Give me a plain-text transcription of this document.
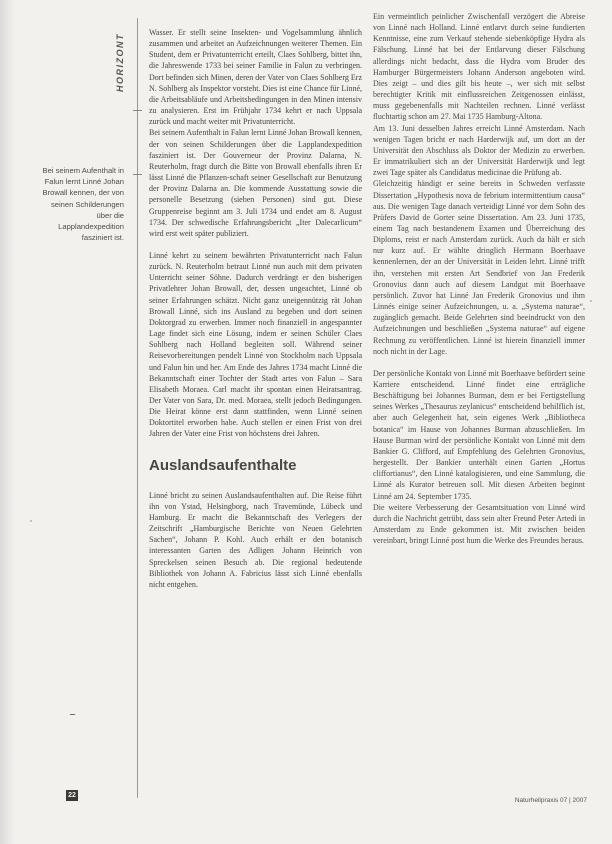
HORIZONT
Bei seinem Aufenthalt in Falun lernt Linné Johan Browall kennen, der von seinen Schilderungen über die Lapplandexpedition fasziniert ist.

Wasser. Er stellt seine Insekten- und Vogelsammlung ähnlich zusammen und arbeitet an Aufzeichnungen weiterer Themen. Ein Student, dem er Privatunterricht erteilt, Claes Sohlberg, bittet ihn, die Jahreswende 1733 bei seiner Familie in Falun zu verbringen. Dort befinden sich Minen, deren der Vater von Claes Sohlberg Erz N. Sohlberg als Inspektor vorsteht. Dies ist eine Chance für Linné, die Arbeitsabläufe und Arbeitsbedingungen in den Minen intensiv zu analysieren. Erst im Frühjahr 1734 kehrt er nach Uppsala zurück und macht weiter mit Privatunterricht.

Bei seinem Aufenthalt in Falun lernt Linné Johan Browall kennen, der von seinen Schilderungen über die Lapplandexpedition fasziniert ist. Der Gouverneur der Provinz Dalarna, N. Reuterholm, fragt durch die Bitte von Browall ebenfalls ihren Er lässt Linné die Pflanzen-schaft seiner Gesellschaft zur Benutzung der Provinz Dalarna an. Die kommende Ausstattung sowie die personelle Besetzung (sieben Personen) sind gut. Diese Gruppenreise beginnt am 3. Juli 1734 und endet am 8. August 1734. Der schwedische Erfahrungsbericht „Iter Dalecarlicum“ wird erst weit später publiziert.

Linné kehrt zu seinem bewährten Privatunterricht nach Falun zurück. N. Reuterholm betraut Linné nun auch mit dem privaten Unterricht seiner Söhne. Dadurch verdrängt er den bisherigen Privatlehrer Johan Browall, der, dessen ungeachtet, Linné ob seiner Erfahrungen schätzt. Nicht ganz uneigennützig rät Johan Browall Linné, sich ins Ausland zu begeben und dort seinen Doktorgrad zu erwerben. Immer noch finanziell in angespannter Lage findet sich eine Lösung, indem er seinen Schüler Claes Sohlberg nach Holland begleiten soll. Während seiner Reisevorbereitungen pendelt Linné von Stockholm nach Uppsala und Falun hin und her. Am Ende des Jahres 1734 macht Linné die Bekanntschaft einer Tochter der Stadt artes von Falun – Sara Elisabeth Moraea. Carl macht ihr spontan einen Heiratsantrag. Der Vater von Sara, Dr. med. Moraea, stellt jedoch Bedingungen. Die Heirat könne erst dann stattfinden, wenn Linné seinen Doktortitel erworben habe. Auch stellen er einen Frist von drei Jahren der Vater eine Frist von höchstens drei Jahren.

Auslandsaufenthalte

Linné bricht zu seinen Auslandsaufenthalten auf. Die Reise führt ihn von Ystad, Helsingborg, nach Travemünde, Lübeck und Hamburg. Er macht die Bekanntschaft des Verlegers der Zeitschrift „Hamburgische Berichte von Neuen Gelehrten Sachen“, Johann P. Kohl. Auch erhält er den botanisch interessanten Garten des Adligen Johann Heinrich von Spreckelsen seinen Besuch ab. Die regional bedeutende Bibliothek von Johann A. Fabricius lässt sich Linné ebenfalls nicht entgehen.

Ein vermeintlich peinlicher Zwischenfall verzögert die Abreise von Linné nach Holland. Linné entlarvt durch seine fundierten Kenntnisse, eine zum Verkauf stehende siebenköpfige Hydra als Fälschung. Linné hat bei der Entlarvung dieser Fälschung allerdings nicht bedacht, dass die Hydra vom Bruder des Hamburger Bürgermeisters Johann Anderson angeboten wird. Dies zeigt – und dies gilt bis heute –, wer sich mit selbst berechtigter Kritik mit einflussreichen Zeitgenossen einlässt, muss gegebenenfalls mit Nachteilen rechnen. Linné verlässt fluchtartig schon am 27. Mai 1735 Hamburg-Altona.

Am 13. Juni desselben Jahres erreicht Linné Amsterdam. Nach wenigen Tagen bricht er nach Harderwijk auf, um dort an der Universität den Abschluss als Doktor der Medizin zu erwerben. Er immatrikuliert sich an der Universität Harderwijk und legt zwei Tage später als Candidatus medicinae die Prüfung ab.

Gleichzeitig händigt er seine bereits in Schweden verfasste Dissertation „Hypothesis nova de febrium intermittentium causa“ aus. Die wenigen Tage danach verteidigt Linné vor dem Sohn des Prüfers David de Gorter seine Dissertation. Am 23. Juni 1735, einem Tag nach bestandenem Examen und Überreichung des Diploms, reist er nach Amsterdam zurück. Auch da hält er sich nur kurz auf. Er wählte dringlich Hermann Boerhaave kennenlernen, der an der Universität in Leiden lehrt. Linné trifft ihn, verstehen mit ersten Art Sendbrief von Jan Frederik Gronovius dann auch auf diesem Landgut mit Boerhaave persönlich. Zuvor hat Linné Jan Frederik Gronovius und ihm Linnés einige seiner Aufzeichnungen, u. a. „Systema naturae“, zugänglich gemacht. Beide Gelehrten sind beeindruckt von den Aufzeichnungen und beschließen „Systema naturae“ auf eigene Rechnung zu veröffentlichen. Linné ist hierein finanziell immer noch nicht in der Lage.

Der persönliche Kontakt von Linné mit Boerhaave befördert seine Karriere entscheidend. Linné findet eine erträgliche Beschäftigung bei Johannes Burman, dem er bei Fertigstellung seines Werkes „Thesaurus zeylanicus“ entscheidend behilflich ist, aber auch Gelegenheit hat, sein eigenes Werk „Bibliotheca botanica“ im Hause von Johannes Burman abzuschließen. Im Hause Burman wird der persönliche Kontakt von Linné mit dem Bankier G. Clifford, auf Empfehlung des Gelehrten Gronovius, hergestellt. Der Bankier unterhält einen Garten „Hortus cliffortianus“, den Linné katalogisieren, und eine Sammlung, die Linné als Kurator betreuen soll. Mit diesen Arbeiten beginnt Linné am 24. September 1735.

Die weitere Verbesserung der Gesamtsituation von Linné wird durch die Nachricht getrübt, dass sein alter Freund Peter Artedi in Amsterdam zu Ende gekommen ist. Mit zwischen beiden vereinbart, bringt Linné post hum die Werke des Freundes heraus.

22
Naturheilpraxis 07 | 2007
